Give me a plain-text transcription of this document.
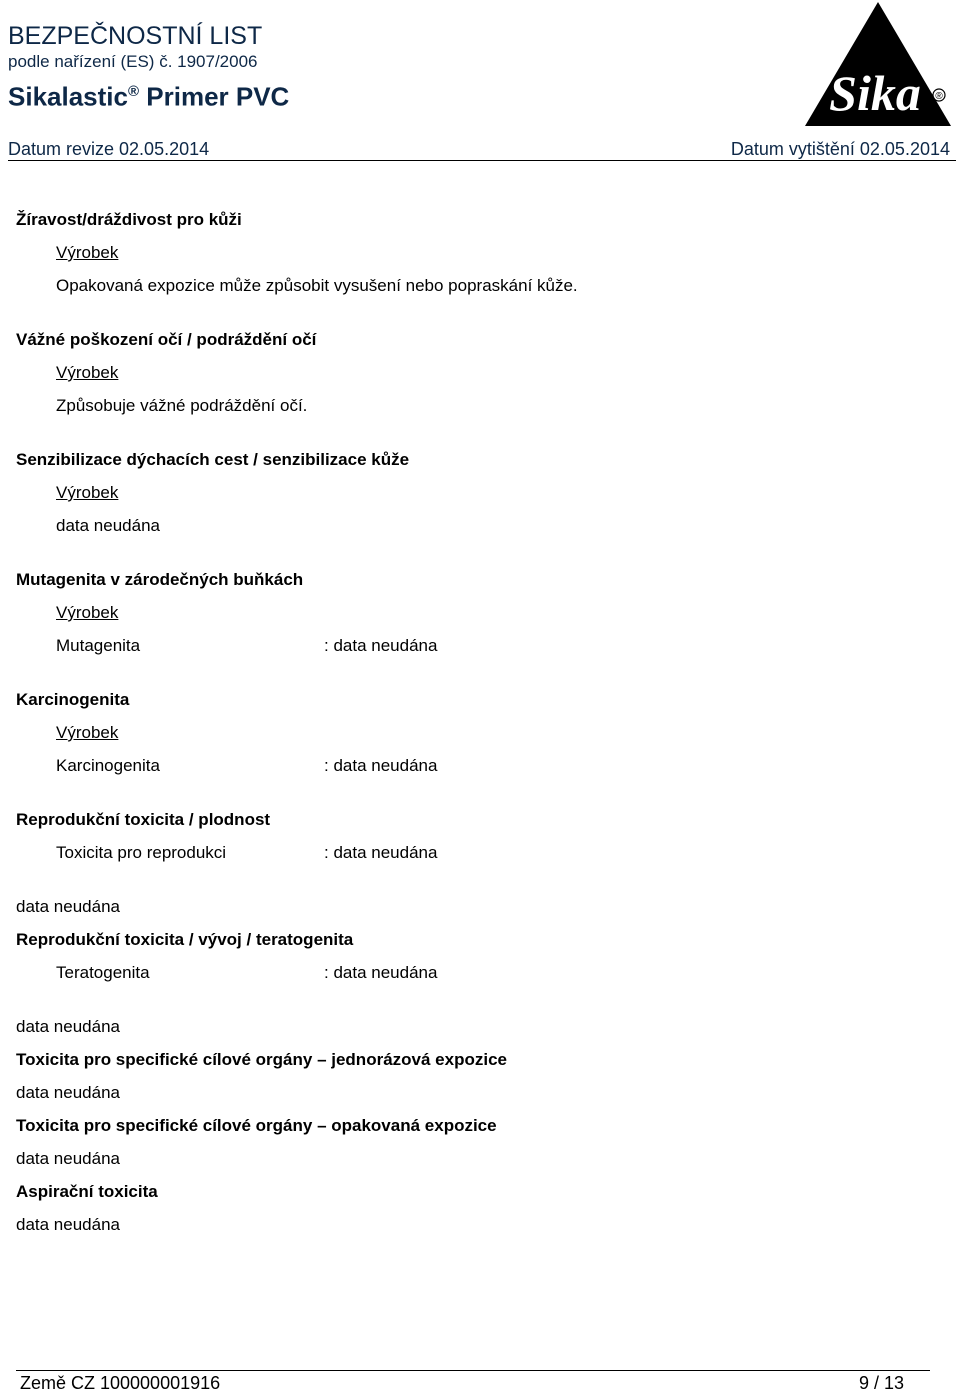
BEZPEČNOSTNÍ LIST
podle nařízení (ES) č. 1907/2006
Sikalastic® Primer PVC
Datum revize 02.05.2014	Datum vytištění 02.05.2014
Sika ®
Žíravost/dráždivost pro kůži
Výrobek
Opakovaná expozice může způsobit vysušení nebo popraskání kůže.
Vážné poškození očí / podráždění očí
Výrobek
Způsobuje vážné podráždění očí.
Senzibilizace dýchacích cest / senzibilizace kůže
Výrobek
data neudána
Mutagenita v zárodečných buňkách
Výrobek
Mutagenita	: data neudána
Karcinogenita
Výrobek
Karcinogenita	: data neudána
Reprodukční toxicita / plodnost
Toxicita pro reprodukci	: data neudána
data neudána
Reprodukční toxicita / vývoj / teratogenita
Teratogenita	: data neudána
data neudána
Toxicita pro specifické cílové orgány – jednorázová expozice
data neudána
Toxicita pro specifické cílové orgány – opakovaná expozice
data neudána
Aspirační toxicita
data neudána
Země CZ 100000001916	9 / 13
